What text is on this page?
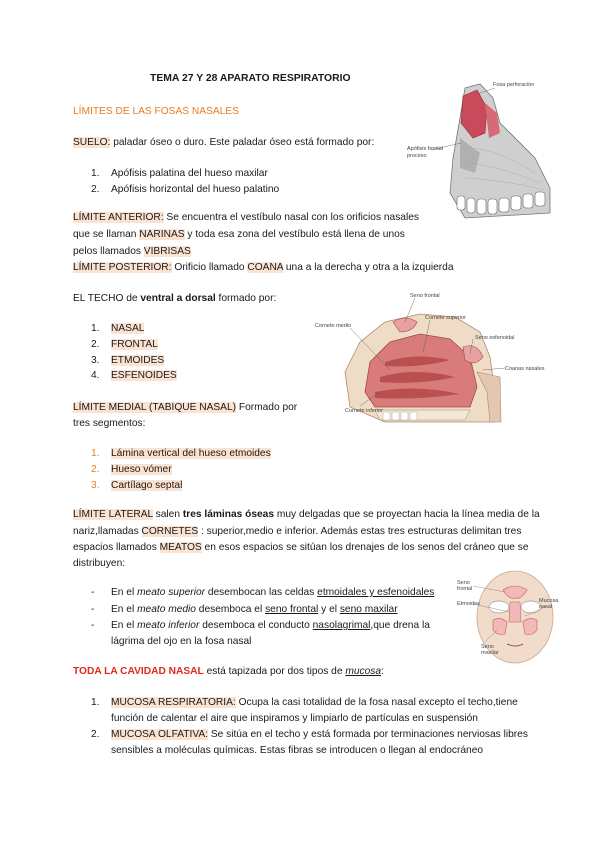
TEMA 27 Y 28 APARATO RESPIRATORIO
LÍMITES DE LAS FOSAS NASALES
SUELO: paladar óseo o duro. Este paladar óseo está formado por:
1. Apófisis palatina del hueso maxilar
2. Apófisis horizontal del hueso palatino
LÍMITE ANTERIOR: Se encuentra el vestíbulo nasal con los orificios nasales
que se llaman NARINAS y toda esa zona del vestíbulo está llena de unos
pelos llamados VIBRISAS
LÍMITE POSTERIOR: Orificio llamado COANA una a la derecha y otra a la izquierda
EL TECHO de ventral a dorsal formado por:
1. NASAL
2. FRONTAL
3. ETMOIDES
4. ESFENOIDES
LÍMITE MEDIAL (TABIQUE NASAL) Formado por
tres segmentos:
1. Lámina vertical del hueso etmoides
2. Hueso vómer
3. Cartílago septal
LÍMITE LATERAL salen tres láminas óseas muy delgadas que se proyectan hacia la línea media de la
nariz,llamadas CORNETES : superior,medio e inferior. Además estas tres estructuras delimitan tres
espacios llamados MEATOS en esos espacios se sitúan los drenajes de los senos del cráneo que se
distribuyen:
- En el meato superior desembocan las celdas etmoidales y esfenoidales
- En el meato medio desemboca el seno frontal y el seno maxilar
- En el meato inferior desemboca el conducto nasolagrimal,que drena la
lágrima del ojo en la fosa nasal
TODA LA CAVIDAD NASAL está tapizada por dos tipos de mucosa:
1. MUCOSA RESPIRATORIA: Ocupa la casi totalidad de la fosa nasal excepto el techo,tiene
función de calentar el aire que inspiramos y limpiarlo de partículas en suspensión
2. MUCOSA OLFATIVA: Se sitúa en el techo y está formada por terminaciones nerviosas libres
sensibles a moléculas químicas. Estas fibras se introducen o llegan al endocráneo
Fosa perforación
Apófisis frontal
proceso
Seno frontal
Cornete superior
Cornete medio
Seno esfenoidal
Coanas nasales
Cornete inferior
Seno
frontal
Etmoides	Mucosa
nasal
Seno
maxilar
